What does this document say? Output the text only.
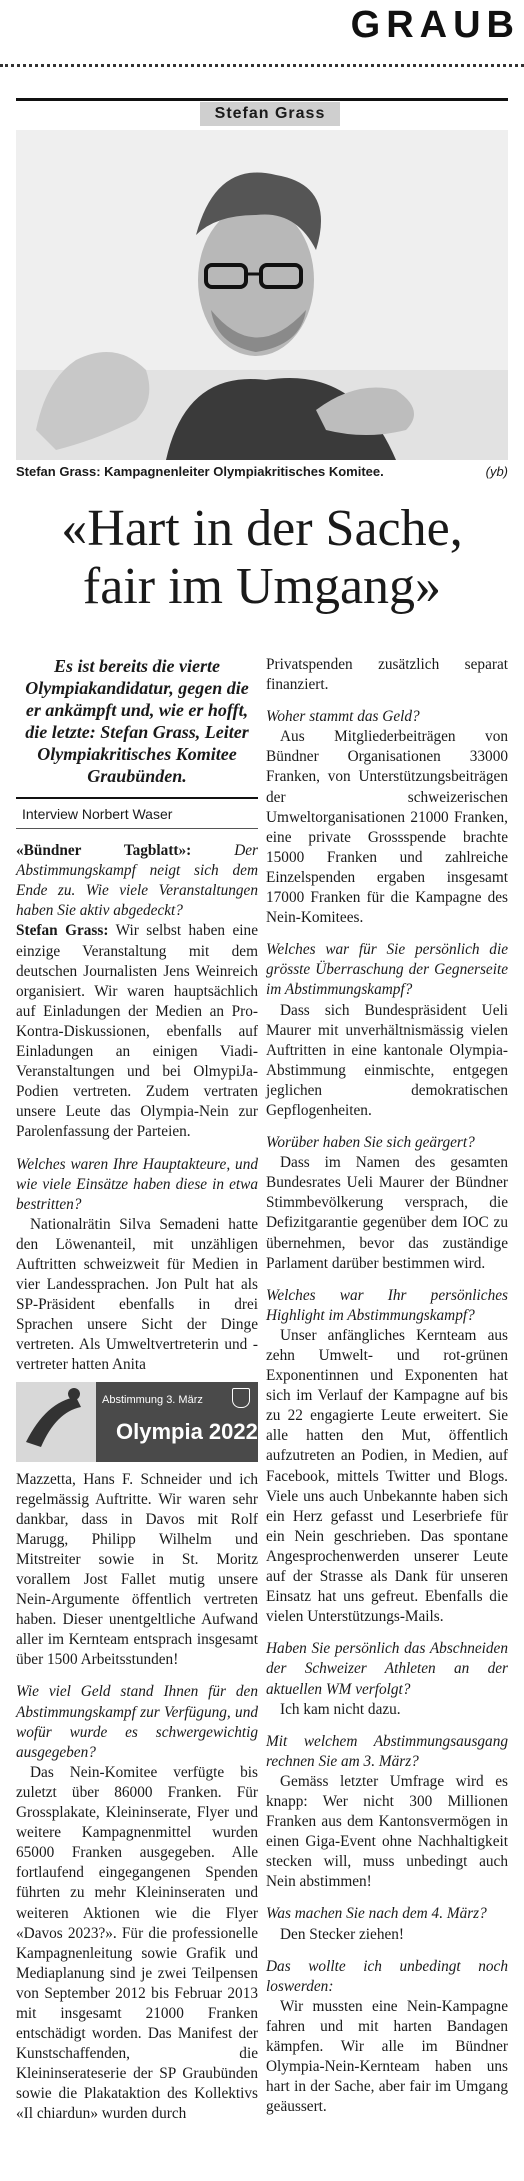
GRAUB
Stefan Grass
Stefan Grass: Kampagnenleiter Olympiakritisches Komitee.	(yb)
«Hart in der Sache,
fair im Umgang»

Es ist bereits die vierte Olympiakandidatur, gegen die er ankämpft und, wie er hofft, die letzte: Stefan Grass, Leiter Olympiakritisches Komitee Graubünden.

Interview Norbert Waser

«Bündner Tagblatt»:	Der Abstimmungskampf neigt sich dem Ende zu. Wie viele Veranstaltungen haben Sie aktiv abgedeckt?

Stefan Grass: Wir selbst haben eine einzige Veranstaltung mit dem deutschen Journalisten Jens Weinreich organisiert. Wir waren hauptsächlich auf Einladungen der Medien an Pro-Kontra-Diskussionen, ebenfalls auf Einladungen an einigen Viadi-Veranstaltungen und bei OlmypiJa-Podien vertreten. Zudem vertraten unsere Leute das Olympia-Nein zur Parolenfassung der Parteien.

Welches waren Ihre Hauptakteure, und wie viele Einsätze haben diese in etwa bestritten?

Nationalrätin Silva Semadeni hatte den Löwenanteil, mit unzähligen Auftritten schweizweit für Medien in vier Landessprachen. Jon Pult hat als SP-Präsident ebenfalls in drei Sprachen unsere Sicht der Dinge vertreten. Als Umweltvertreterin und -vertreter hatten Anita

Abstimmung 3. März
Olympia 2022

Mazzetta, Hans F. Schneider und ich regelmässig Auftritte. Wir waren sehr dankbar, dass in Davos mit Rolf Marugg, Philipp Wilhelm und Mitstreiter sowie in St. Moritz vorallem Jost Fallet mutig unsere Nein-Argumente öffentlich vertreten haben. Dieser unentgeltliche Aufwand aller im Kernteam entsprach insgesamt über 1500 Arbeitsstunden!

Wie viel Geld stand Ihnen für den Abstimmungskampf zur Verfügung, und wofür wurde es schwergewichtig ausgegeben?

Das Nein-Komitee verfügte bis zuletzt über 86000 Franken. Für Grossplakate, Kleininserate, Flyer und weitere Kampagnenmittel wurden 65000 Franken ausgegeben. Alle fortlaufend eingegangenen Spenden führten zu mehr Kleininseraten und weiteren Aktionen wie die Flyer «Davos 2023?». Für die professionelle Kampagnenleitung sowie Grafik und Mediaplanung sind je zwei Teilpensen von September 2012 bis Februar 2013 mit insgesamt 21000 Franken entschädigt worden. Das Manifest der Kunstschaffenden, die Kleininserateserie der SP Graubünden sowie die Plakataktion des Kollektivs «Il chiardun» wurden durch

Privatspenden zusätzlich separat finanziert.

Woher stammt das Geld?

Aus Mitgliederbeiträgen von Bündner Organisationen 33000 Franken, von Unterstützungsbeiträgen der schweizerischen Umweltorganisationen 21000 Franken, eine private Grossspende brachte 15000 Franken und zahlreiche Einzelspenden ergaben insgesamt 17000 Franken für die Kampagne des Nein-Komitees.

Welches war für Sie persönlich die grösste Überraschung der Gegnerseite im Abstimmungskampf?

Dass sich Bundespräsident Ueli Maurer mit unverhältnismässig vielen Auftritten in eine kantonale Olympia-Abstimmung einmischte, entgegen jeglichen demokratischen Gepflogenheiten.

Worüber haben Sie sich geärgert?

Dass im Namen des gesamten Bundesrates Ueli Maurer der Bündner Stimmbevölkerung versprach, die Defizitgarantie gegenüber dem IOC zu übernehmen, bevor das zuständige Parlament darüber bestimmen wird.

Welches war Ihr persönliches Highlight im Abstimmungskampf?

Unser anfängliches Kernteam aus zehn Umwelt- und rot-grünen Exponentinnen und Exponenten hat sich im Verlauf der Kampagne auf bis zu 22 engagierte Leute erweitert. Sie alle hatten den Mut, öffentlich aufzutreten an Podien, in Medien, auf Facebook, mittels Twitter und Blogs. Viele uns auch Unbekannte haben sich ein Herz gefasst und Leserbriefe für ein Nein geschrieben. Das spontane Angesprochenwerden unserer Leute auf der Strasse als Dank für unseren Einsatz hat uns gefreut. Ebenfalls die vielen Unterstützungs-Mails.

Haben Sie persönlich das Abschneiden der Schweizer Athleten an der aktuellen WM verfolgt?

Ich kam nicht dazu.

Mit welchem Abstimmungsausgang rechnen Sie am 3. März?

Gemäss letzter Umfrage wird es knapp: Wer nicht 300 Millionen Franken aus dem Kantonsvermögen in einen Giga-Event ohne Nachhaltigkeit stecken will, muss unbedingt auch Nein abstimmen!

Was machen Sie nach dem 4. März?

Den Stecker ziehen!

Das wollte ich unbedingt noch loswerden:

Wir mussten eine Nein-Kampagne fahren und mit harten Bandagen kämpfen. Wir alle im Bündner Olympia-Nein-Kernteam haben uns hart in der Sache, aber fair im Umgang geäussert.
